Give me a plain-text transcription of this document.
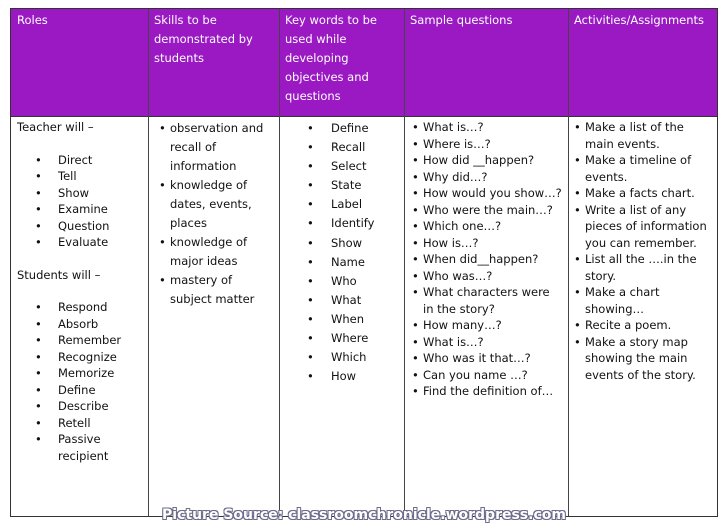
Roles	Skills to be
demonstrated by
students
Key words to be
used while
developing
objectives and
questions
Sample questions	Activities/Assignments
Teacher will –
• Direct
• Tell
• Show
• Examine
• Question
• Evaluate
Students will –
• Respond
• Absorb
• Remember
• Recognize
• Memorize
• Define
• Describe
• Retell
• Passive recipient
• observation and recall of information
• knowledge of dates, events, places
• knowledge of major ideas
• mastery of subject matter
• Define
• Recall
• Select
• State
• Label
• Identify
• Show
• Name
• Who
• What
• When
• Where
• Which
• How
• What is…?
• Where is…?
• How did __happen?
• Why did…?
• How would you show…?
• Who were the main…?
• Which one…?
• How is…?
• When did__happen?
• Who was…?
• What characters were in the story?
• How many…?
• What is…?
• Who was it that…?
• Can you name …?
• Find the definition of…
• Make a list of the main events.
• Make a timeline of events.
• Make a facts chart.
• Write a list of any pieces of information you can remember.
• List all the ….in the story.
• Make a chart showing…
• Recite a poem.
• Make a story map showing the main events of the story.
Picture Source: classroomchronicle.wordpress.com
